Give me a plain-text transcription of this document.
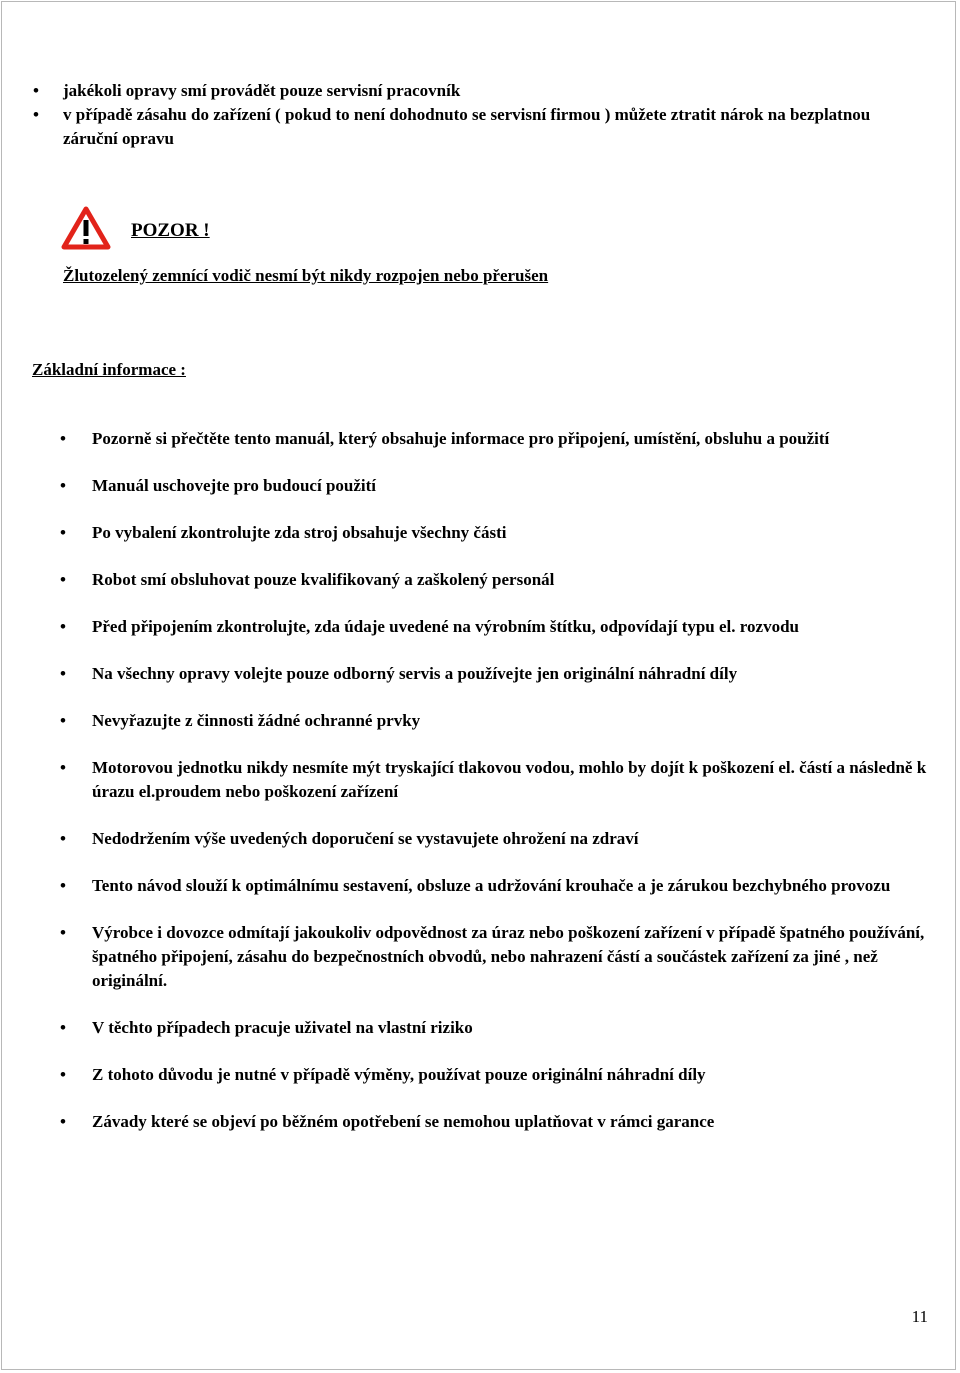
• jakékoli opravy smí provádět pouze servisní pracovník
• v případě zásahu do zařízení ( pokud to není dohodnuto se servisní firmou ) můžete ztratit nárok na bezplatnou záruční opravu
POZOR !
Žlutozelený zemnící vodič nesmí být nikdy rozpojen nebo přerušen
Základní informace :
• Pozorně si přečtěte tento manuál, který obsahuje informace pro připojení, umístění, obsluhu a použití
• Manuál uschovejte pro budoucí použití
• Po vybalení zkontrolujte zda stroj obsahuje všechny části
• Robot smí obsluhovat pouze kvalifikovaný a zaškolený personál
• Před připojením zkontrolujte, zda údaje uvedené na výrobním štítku, odpovídají typu el. rozvodu
• Na všechny opravy volejte pouze odborný servis a používejte jen originální náhradní díly
• Nevyřazujte z činnosti žádné ochranné prvky
• Motorovou jednotku nikdy nesmíte mýt tryskající tlakovou vodou, mohlo by dojít k poškození el. částí a následně k úrazu el.proudem nebo poškození zařízení
• Nedodržením výše uvedených doporučení se vystavujete ohrožení na zdraví
• Tento návod slouží k optimálnímu sestavení, obsluze a udržování krouhače a je zárukou bezchybného provozu
• Výrobce i dovozce odmítají jakoukoliv odpovědnost za úraz nebo poškození zařízení v případě špatného používání, špatného připojení, zásahu do bezpečnostních obvodů, nebo nahrazení částí a součástek zařízení za jiné , než originální.
• V těchto případech pracuje uživatel na vlastní riziko
• Z tohoto důvodu je nutné v případě výměny, používat pouze originální náhradní díly
• Závady které se objeví po běžném opotřebení se nemohou uplatňovat v rámci garance
11
